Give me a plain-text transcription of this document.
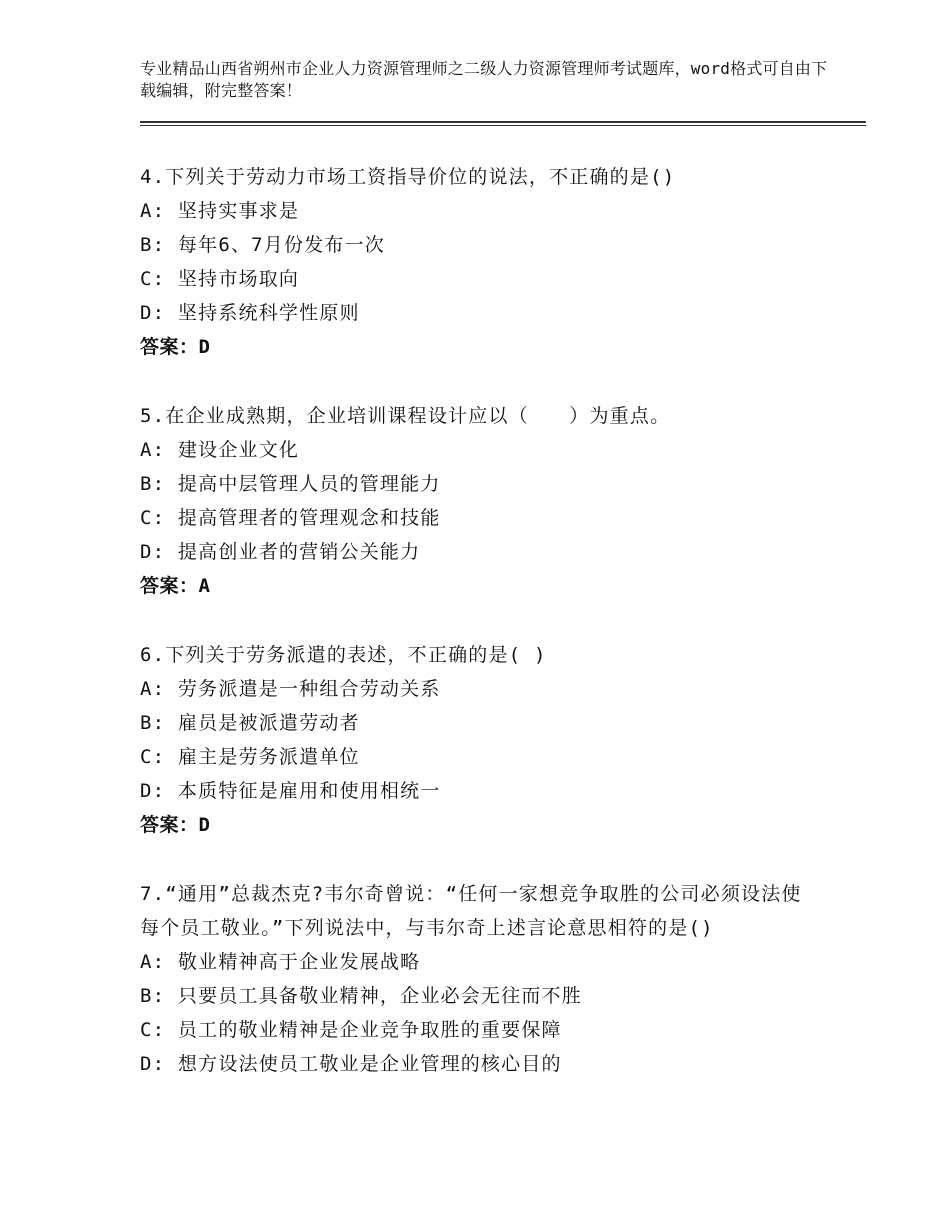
专业精品山西省朔州市企业人力资源管理师之二级人力资源管理师考试题库，word格式可自由下载编辑，附完整答案！
4.下列关于劳动力市场工资指导价位的说法，不正确的是()
A: 坚持实事求是
B: 每年6、7月份发布一次
C: 坚持市场取向
D: 坚持系统科学性原则
答案：D
5.在企业成熟期，企业培训课程设计应以（　　）为重点。
A: 建设企业文化
B: 提高中层管理人员的管理能力
C: 提高管理者的管理观念和技能
D: 提高创业者的营销公关能力
答案：A
6.下列关于劳务派遣的表述，不正确的是( )
A: 劳务派遣是一种组合劳动关系
B: 雇员是被派遣劳动者
C: 雇主是劳务派遣单位
D: 本质特征是雇用和使用相统一
答案：D
7.“通用”总裁杰克?韦尔奇曾说：“任何一家想竞争取胜的公司必须设法使每个员工敬业。”下列说法中，与韦尔奇上述言论意思相符的是()
A: 敬业精神高于企业发展战略
B: 只要员工具备敬业精神，企业必会无往而不胜
C: 员工的敬业精神是企业竞争取胜的重要保障
D: 想方设法使员工敬业是企业管理的核心目的
